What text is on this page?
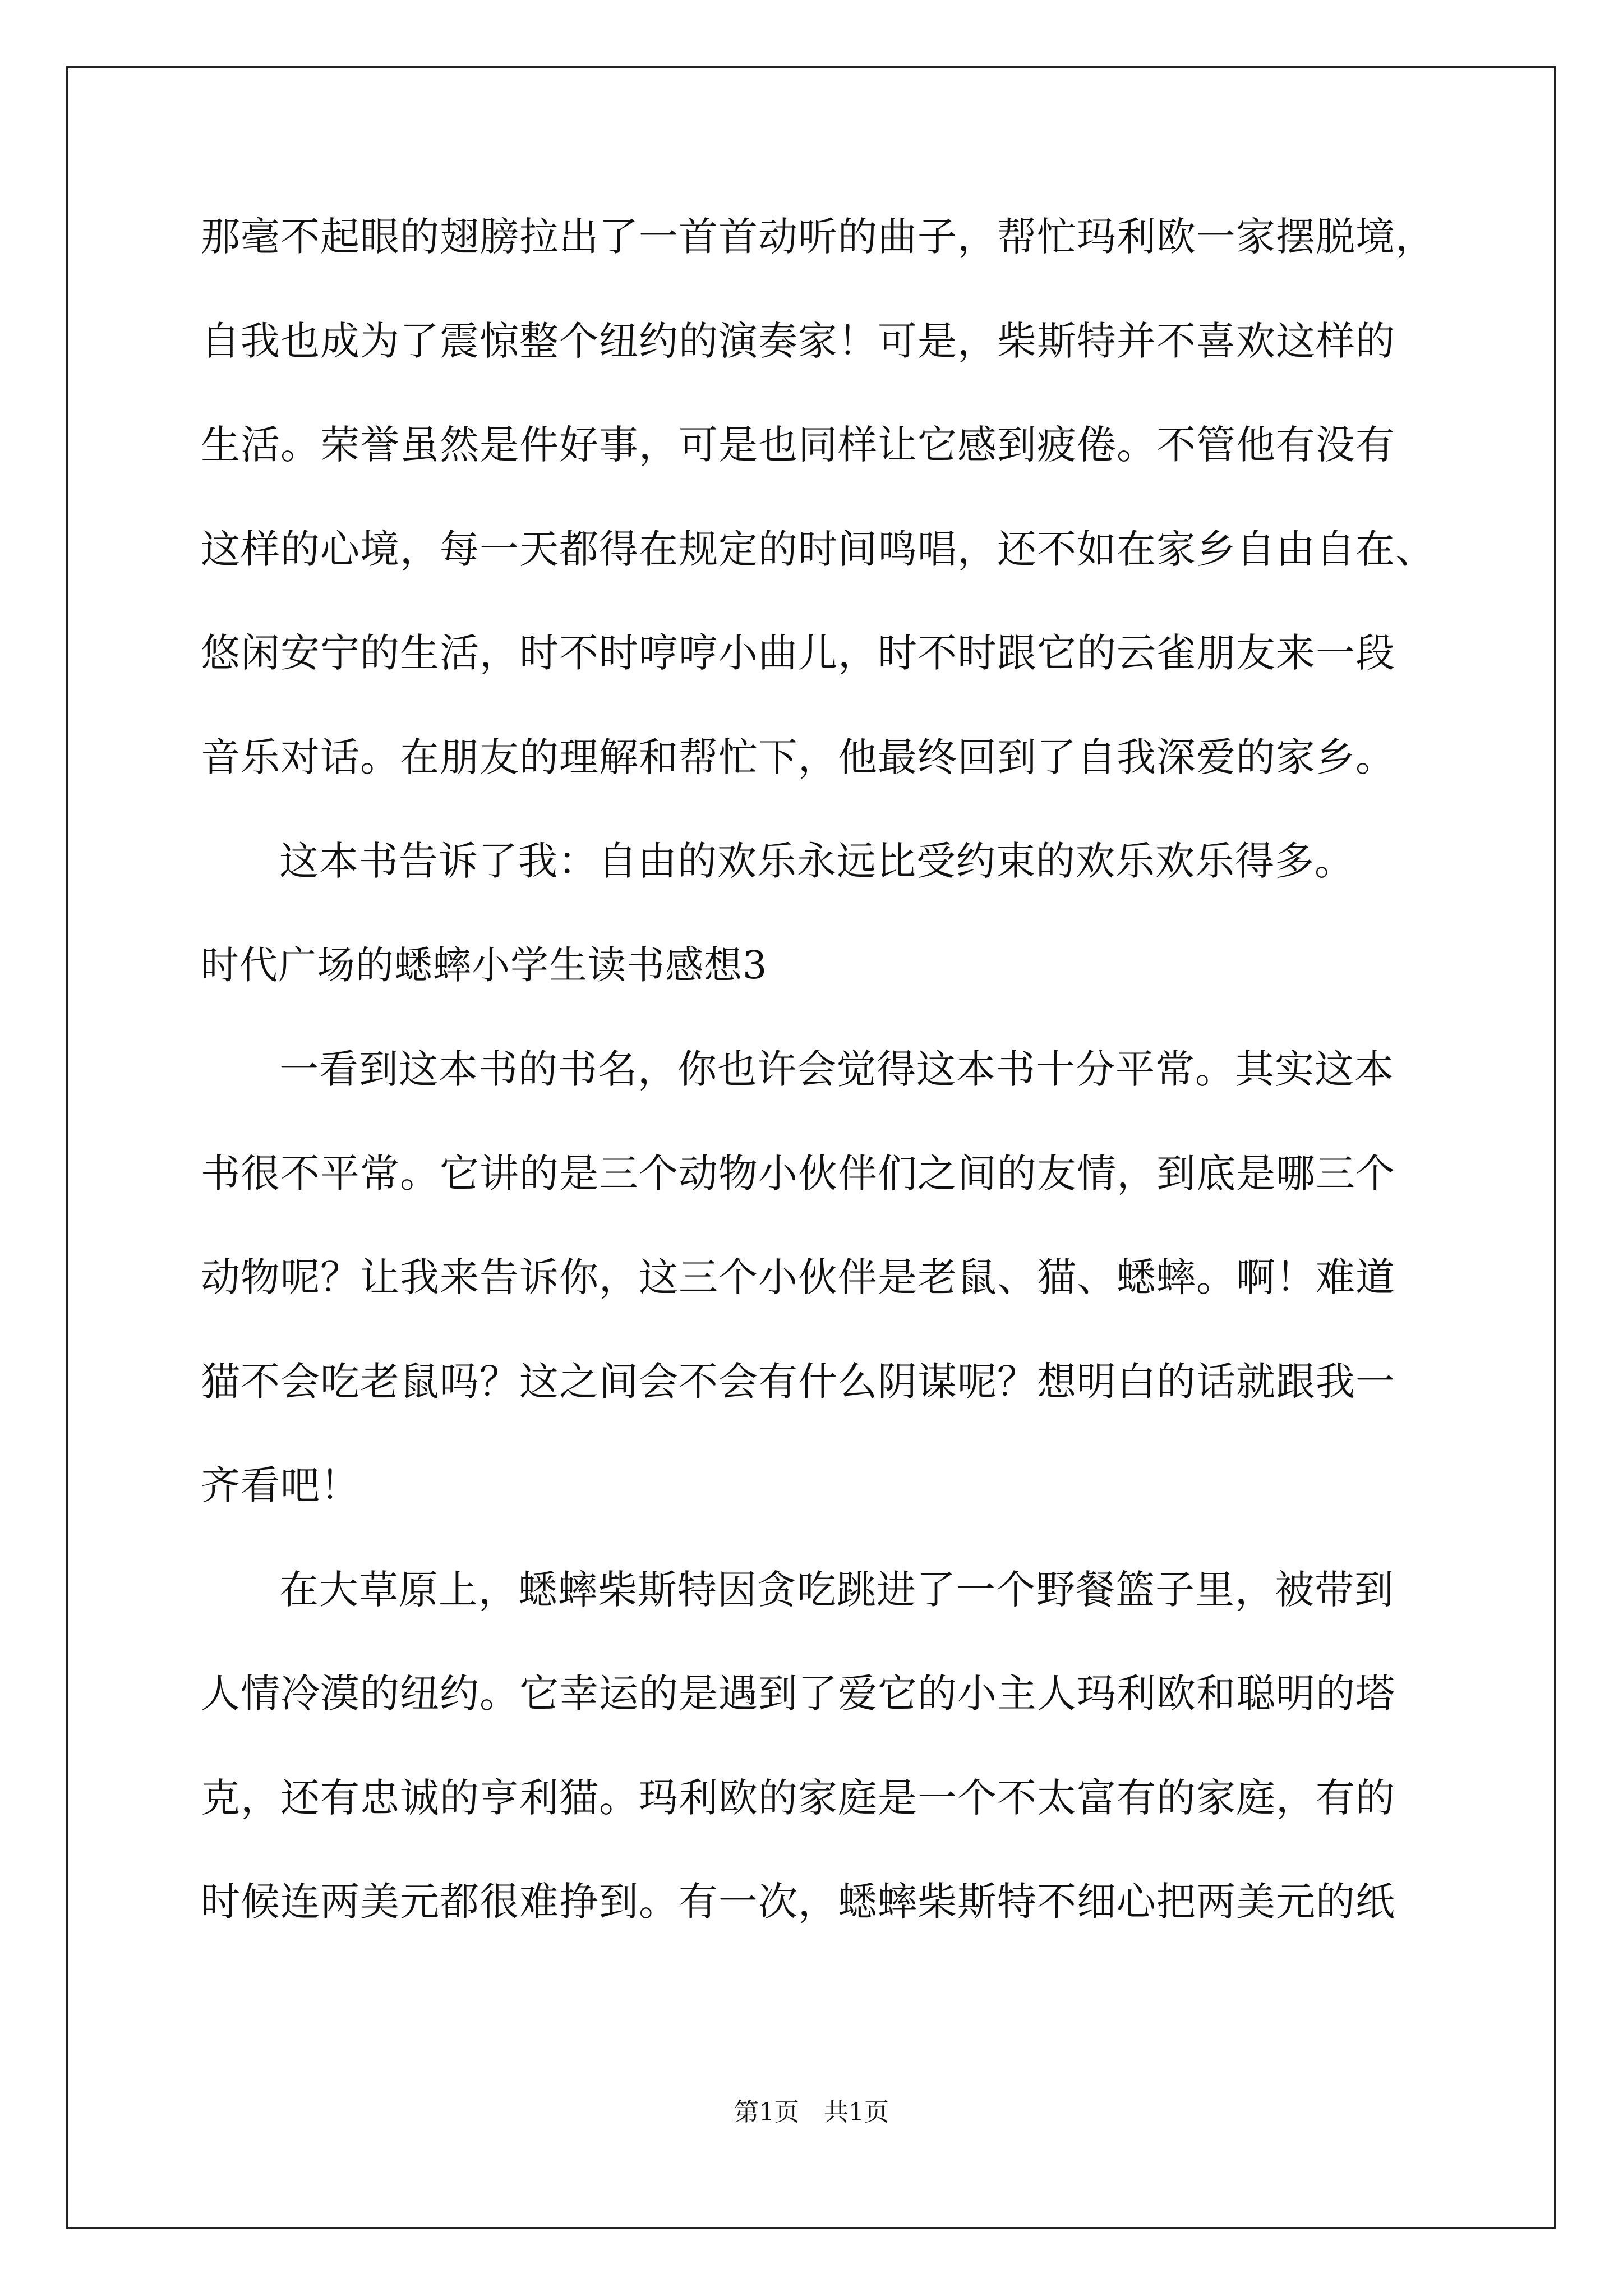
那毫不起眼的翅膀拉出了一首首动听的曲子，帮忙玛利欧一家摆脱境，
自我也成为了震惊整个纽约的演奏家！可是，柴斯特并不喜欢这样的
生活。荣誉虽然是件好事，可是也同样让它感到疲倦。不管他有没有
这样的心境，每一天都得在规定的时间鸣唱，还不如在家乡自由自在、
悠闲安宁的生活，时不时哼哼小曲儿，时不时跟它的云雀朋友来一段
音乐对话。在朋友的理解和帮忙下，他最终回到了自我深爱的家乡。
这本书告诉了我：自由的欢乐永远比受约束的欢乐欢乐得多。
时代广场的蟋蟀小学生读书感想3
一看到这本书的书名，你也许会觉得这本书十分平常。其实这本
书很不平常。它讲的是三个动物小伙伴们之间的友情，到底是哪三个
动物呢？让我来告诉你，这三个小伙伴是老鼠、猫、蟋蟀。啊！难道
猫不会吃老鼠吗？这之间会不会有什么阴谋呢？想明白的话就跟我一
齐看吧！
在大草原上，蟋蟀柴斯特因贪吃跳进了一个野餐篮子里，被带到
人情冷漠的纽约。它幸运的是遇到了爱它的小主人玛利欧和聪明的塔
克，还有忠诚的亨利猫。玛利欧的家庭是一个不太富有的家庭，有的
时候连两美元都很难挣到。有一次，蟋蟀柴斯特不细心把两美元的纸
第1页 共1页
